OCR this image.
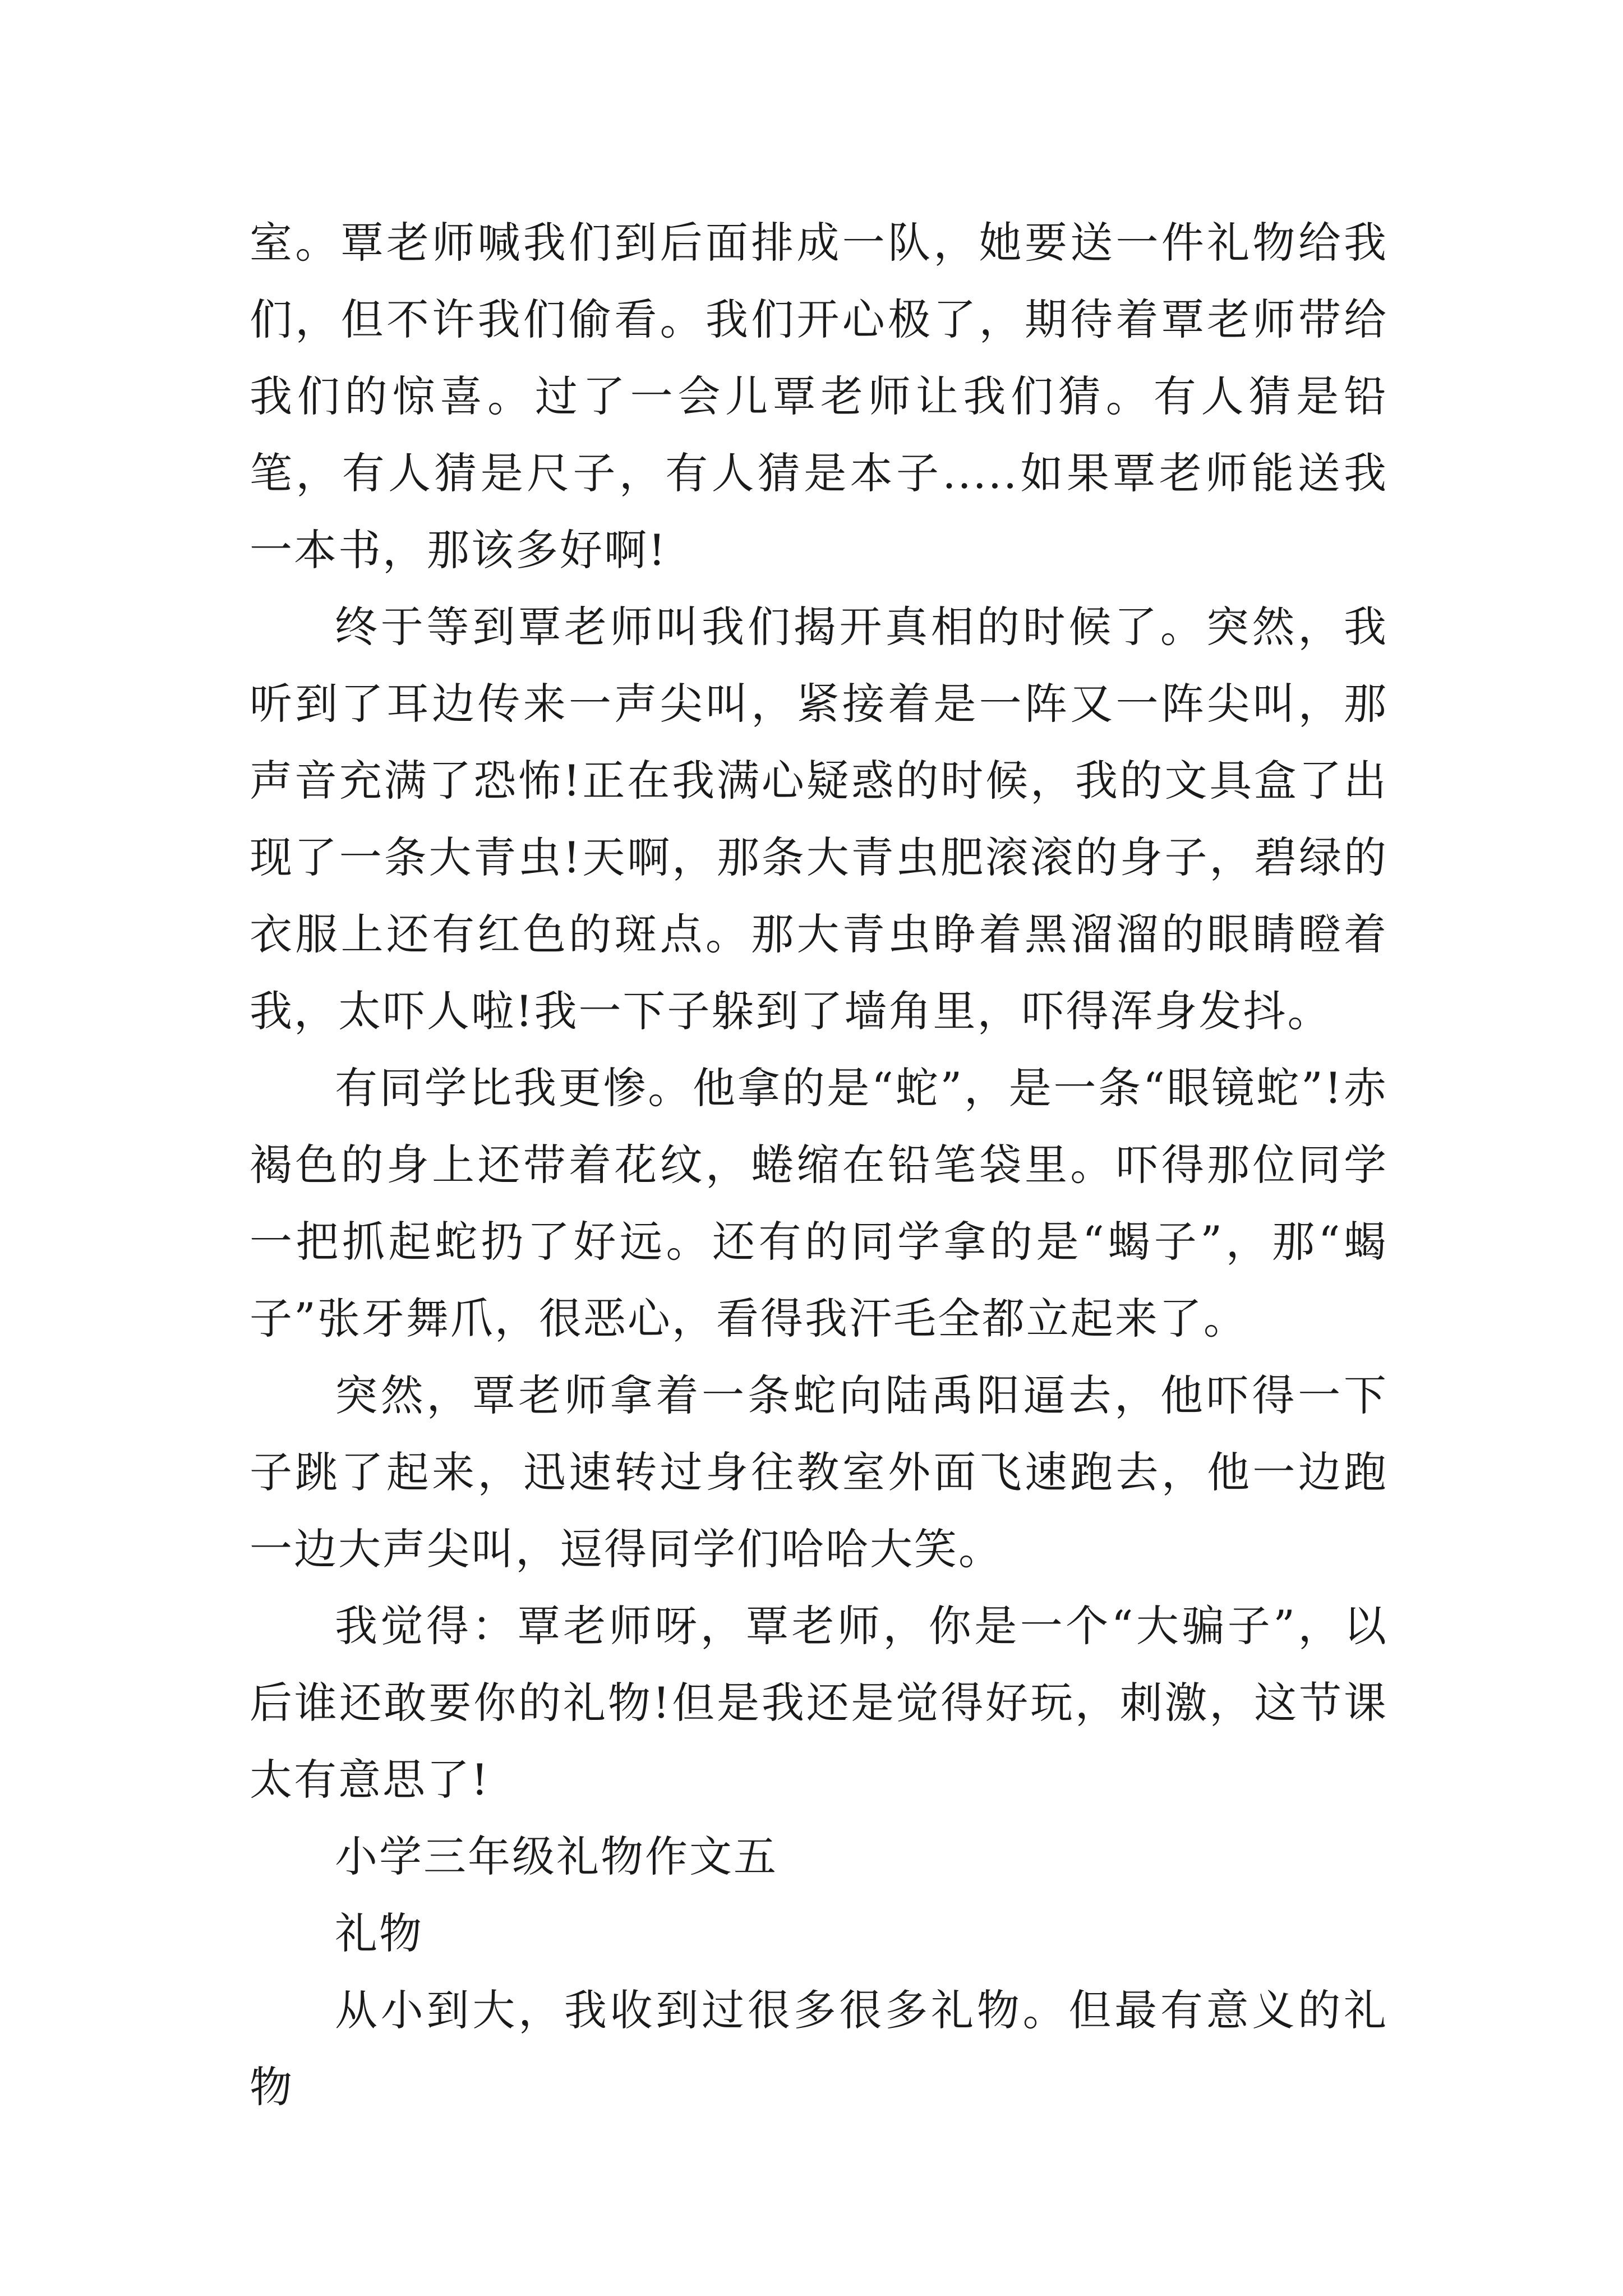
室。覃老师喊我们到后面排成一队，她要送一件礼物给我们，但不许我们偷看。我们开心极了，期待着覃老师带给我们的惊喜。过了一会儿覃老师让我们猜。有人猜是铅笔，有人猜是尺子，有人猜是本子.....如果覃老师能送我一本书，那该多好啊!

终于等到覃老师叫我们揭开真相的时候了。突然，我听到了耳边传来一声尖叫，紧接着是一阵又一阵尖叫，那声音充满了恐怖!正在我满心疑惑的时候，我的文具盒了出现了一条大青虫!天啊，那条大青虫肥滚滚的身子，碧绿的衣服上还有红色的斑点。那大青虫睁着黑溜溜的眼睛瞪着我，太吓人啦!我一下子躲到了墙角里，吓得浑身发抖。

有同学比我更惨。他拿的是“蛇”，是一条“眼镜蛇”!赤褐色的身上还带着花纹，蜷缩在铅笔袋里。吓得那位同学一把抓起蛇扔了好远。还有的同学拿的是“蝎子”，那“蝎子”张牙舞爪，很恶心，看得我汗毛全都立起来了。

突然，覃老师拿着一条蛇向陆禹阳逼去，他吓得一下子跳了起来，迅速转过身往教室外面飞速跑去，他一边跑一边大声尖叫，逗得同学们哈哈大笑。

我觉得：覃老师呀，覃老师，你是一个“大骗子”，以后谁还敢要你的礼物!但是我还是觉得好玩，刺激，这节课太有意思了!

小学三年级礼物作文五

礼物

从小到大，我收到过很多很多礼物。但最有意义的礼物
